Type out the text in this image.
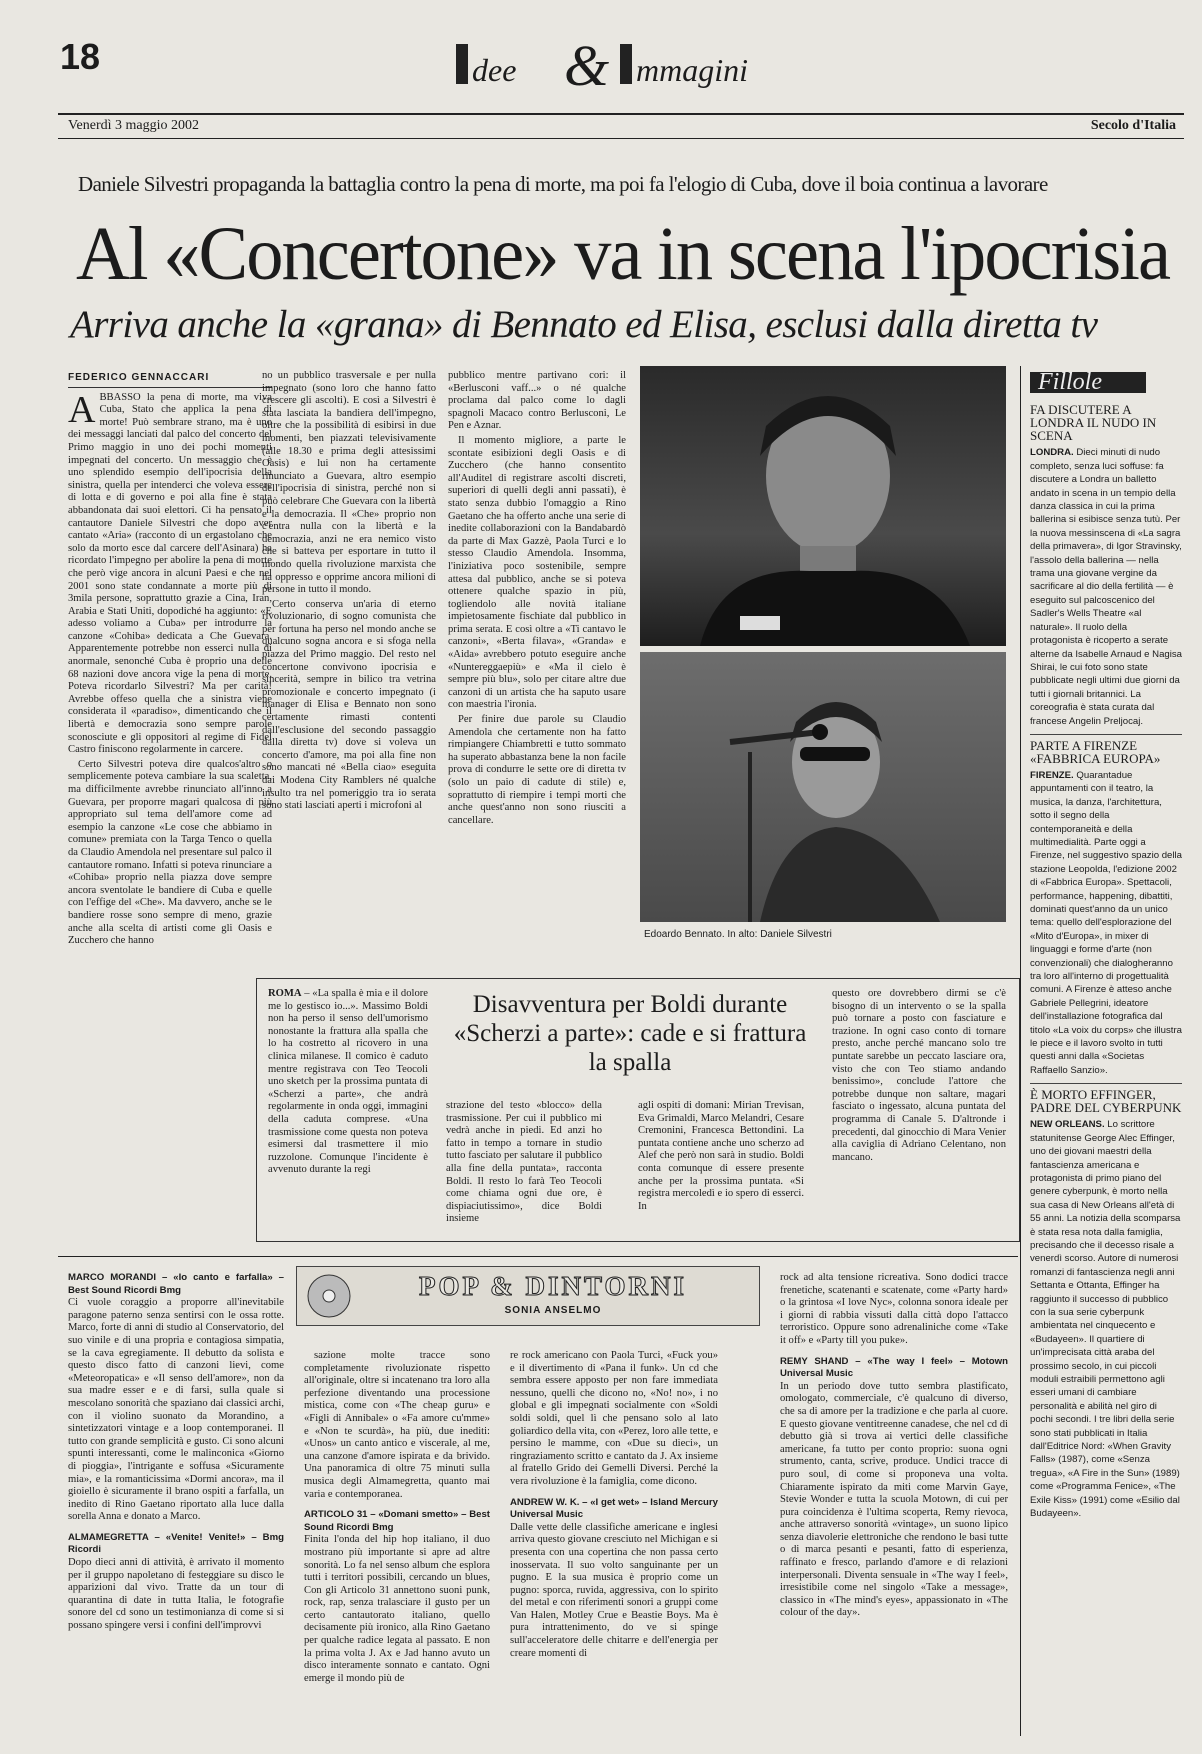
18	dee & mmagini
Venerdì 3 maggio 2002	Secolo d'Italia
Daniele Silvestri propaganda la battaglia contro la pena di morte, ma poi fa l'elogio di Cuba, dove il boia continua a lavorare
Al «Concertone» va in scena l'ipocrisia
Arriva anche la «grana» di Bennato ed Elisa, esclusi dalla diretta tv
FEDERICO GENNACCARI
A BBASSO la pena di morte, ma viva Cuba, Stato che applica la pena di morte! Può sembrare strano, ma è uno dei messaggi lanciati dal palco del concerto del Primo maggio in uno dei pochi momenti impegnati del concerto. Un messaggio che è uno splendido esempio dell'ipocrisia della sinistra, quella per intenderci che voleva essere di lotta e di governo e poi alla fine è stata abbandonata dai suoi elettori. Ci ha pensato il cantautore Daniele Silvestri che dopo aver cantato «Aria» (racconto di un ergastolano che solo da morto esce dal carcere dell'Asinara) ha ricordato l'impegno per abolire la pena di morte che però vige ancora in alcuni Paesi e che nel 2001 sono state condannate a morte più di 3mila persone, soprattutto grazie a Cina, Iran, Arabia e Stati Uniti, dopodiché ha aggiunto: «E adesso voliamo a Cuba» per introdurre la canzone «Cohiba» dedicata a Che Guevara. Apparentemente potrebbe non esserci nulla di anormale, senonché Cuba è proprio una delle 68 nazioni dove ancora vige la pena di morte. Poteva ricordarlo Silvestri? Ma per carità! Avrebbe offeso quella che a sinistra viene considerata il «paradiso», dimenticando che il libertà e democrazia sono sempre parole sconosciute e gli oppositori al regime di Fidel Castro finiscono regolarmente in carcere.

Certo Silvestri poteva dire qualcos'altro o semplicemente poteva cambiare la sua scaletta, ma difficilmente avrebbe rinunciato all'inno a Guevara, per proporre magari qualcosa di più appropriato sul tema dell'amore come ad esempio la canzone «Le cose che abbiamo in comune» premiata con la Targa Tenco o quella da Claudio Amendola nel presentare sul palco il cantautore romano. Infatti si poteva rinunciare a «Cohiba» proprio nella piazza dove sempre ancora sventolate le bandiere di Cuba e quelle con l'effige del «Che». Ma davvero, anche se le bandiere rosse sono sempre di meno, grazie anche alla scelta di artisti come gli Oasis e Zucchero che hanno

no un pubblico trasversale e per nulla impegnato (sono loro che hanno fatto crescere gli ascolti). E così a Silvestri è stata lasciata la bandiera dell'impegno, oltre che la possibilità di esibirsi in due momenti, ben piazzati televisivamente (alle 18.30 e prima degli attesissimi Oasis) e lui non ha certamente rinunciato a Guevara, altro esempio dell'ipocrisia di sinistra, perché non si può celebrare Che Guevara con la libertà e la democrazia. Il «Che» proprio non c'entra nulla con la libertà e la democrazia, anzi ne era nemico visto che si batteva per esportare in tutto il mondo quella rivoluzione marxista che ha oppresso e opprime ancora milioni di persone in tutto il mondo.

Certo conserva un'aria di eterno rivoluzionario, di sogno comunista che per fortuna ha perso nel mondo anche se qualcuno sogna ancora e si sfoga nella piazza del Primo maggio. Del resto nel concertone convivono ipocrisia e sincerità, sempre in bilico tra vetrina promozionale e concerto impegnato (i manager di Elisa e Bennato non sono certamente rimasti contenti dall'esclusione del secondo passaggio dalla diretta tv) dove si voleva un concerto d'amore, ma poi alla fine non sono mancati né «Bella ciao» eseguita dai Modena City Ramblers né qualche insulto tra nel pomeriggio tra io serata sono stati lasciati aperti i microfoni al

pubblico mentre partivano cori: il «Berlusconi vaff...» o né qualche proclama dal palco come lo dagli spagnoli Macaco contro Berlusconi, Le Pen e Aznar.

Il momento migliore, a parte le scontate esibizioni degli Oasis e di Zucchero (che hanno consentito all'Auditel di registrare ascolti discreti, superiori di quelli degli anni passati), è stato senza dubbio l'omaggio a Rino Gaetano che ha offerto anche una serie di inedite collaborazioni con la Bandabardò da parte di Max Gazzè, Paola Turci e lo stesso Claudio Amendola. Insomma, l'iniziativa poco sostenibile, sempre attesa dal pubblico, anche se si poteva ottenere qualche spazio in più, togliendolo alle novità italiane impietosamente fischiate dal pubblico in prima serata. E così oltre a «Ti cantavo le canzoni», «Berta filava», «Granda» e «Aida» avrebbero potuto eseguire anche «Nuntereggaepiù» e «Ma il cielo è sempre più blu», solo per citare altre due canzoni di un artista che ha saputo usare con maestria l'ironia.

Per finire due parole su Claudio Amendola che certamente non ha fatto rimpiangere Chiambretti e tutto sommato ha superato abbastanza bene la non facile prova di condurre le sette ore di diretta tv (solo un paio di cadute di stile) e, soprattutto di riempire i tempi morti che anche quest'anno non sono riusciti a cancellare.

Edoardo Bennato. In alto: Daniele Silvestri

ROMA – «La spalla è mia e il dolore me lo gestisco io...». Massimo Boldi non ha perso il senso dell'umorismo nonostante la frattura alla spalla che lo ha costretto al ricovero in una clinica milanese. Il comico è caduto mentre registrava con Teo Teocoli uno sketch per la prossima puntata di «Scherzi a parte», che andrà regolarmente in onda oggi, immagini della caduta comprese. «Una trasmissione come questa non poteva esimersi dal trasmettere il mio ruzzolone. Comunque l'incidente è avvenuto durante la regi

Disavventura per Boldi durante «Scherzi a parte»: cade e si frattura la spalla

strazione del testo «blocco» della trasmissione. Per cui il pubblico mi vedrà anche in piedi. Ed anzi ho fatto in tempo a tornare in studio tutto fasciato per salutare il pubblico alla fine della puntata», racconta Boldi. Il resto lo farà Teo Teocoli come chiama ogni due ore, è dispiaciutissimo», dice Boldi insieme

agli ospiti di domani: Mirian Trevisan, Eva Grimaldi, Marco Melandri, Cesare Cremonini, Francesca Bettondini. La puntata contiene anche uno scherzo ad Alef che però non sarà in studio. Boldi conta comunque di essere presente anche per la prossima puntata. «Si registra mercoledì e io spero di esserci. In

questo ore dovrebbero dirmi se c'è bisogno di un intervento o se la spalla può tornare a posto con fasciature e trazione. In ogni caso conto di tornare presto, anche perché mancano solo tre puntate sarebbe un peccato lasciare ora, visto che con Teo stiamo andando benissimo», conclude l'attore che potrebbe dunque non saltare, magari fasciato o ingessato, alcuna puntata del programma di Canale 5. D'altronde i precedenti, dal ginocchio di Mara Venier alla caviglia di Adriano Celentano, non mancano.

Fillole
FA DISCUTERE A LONDRA IL NUDO IN SCENA
LONDRA. Dieci minuti di nudo completo, senza luci soffuse: fa discutere a Londra un balletto andato in scena in un tempio della danza classica in cui la prima ballerina si esibisce senza tutù. Per la nuova messinscena di «La sagra della primavera», di Igor Stravinsky, l'assolo della ballerina — nella trama una giovane vergine da sacrificare al dio della fertilità — è eseguito sul palcoscenico del Sadler's Wells Theatre «al naturale». Il ruolo della protagonista è ricoperto a serate alterne da Isabelle Arnaud e Nagisa Shirai, le cui foto sono state pubblicate negli ultimi due giorni da tutti i giornali britannici. La coreografia è stata curata dal francese Angelin Preljocaj.
PARTE A FIRENZE «FABBRICA EUROPA»
FIRENZE. Quarantadue appuntamenti con il teatro, la musica, la danza, l'architettura, sotto il segno della contemporaneità e della multimedialità. Parte oggi a Firenze, nel suggestivo spazio della stazione Leopolda, l'edizione 2002 di «Fabbrica Europa». Spettacoli, performance, happening, dibattiti, dominati quest'anno da un unico tema: quello dell'esplorazione del «Mito d'Europa», in mixer di linguaggi e forme d'arte (non convenzionali) che dialogheranno tra loro all'interno di progettualità comuni. A Firenze è atteso anche Gabriele Pellegrini, ideatore dell'installazione fotografica dal titolo «La voix du corps» che illustra le piece e il lavoro svolto in tutti questi anni dalla «Societas Raffaello Sanzio».
È MORTO EFFINGER, PADRE DEL CYBERPUNK
NEW ORLEANS. Lo scrittore statunitense George Alec Effinger, uno dei giovani maestri della fantascienza americana e protagonista di primo piano del genere cyberpunk, è morto nella sua casa di New Orleans all'età di 55 anni. La notizia della scomparsa è stata resa nota dalla famiglia, precisando che il decesso risale a venerdì scorso. Autore di numerosi romanzi di fantascienza negli anni Settanta e Ottanta, Effinger ha raggiunto il successo di pubblico con la sua serie cyberpunk ambientata nel cinquecento e «Budayeen». Il quartiere di un'imprecisata città araba del prossimo secolo, in cui piccoli moduli estraibili permettono agli esseri umani di cambiare personalità e abilità nel giro di pochi secondi. I tre libri della serie sono stati pubblicati in Italia dall'Editrice Nord: «When Gravity Falls» (1987), come «Senza tregua», «A Fire in the Sun» (1989) come «Programma Fenice», «The Exile Kiss» (1991) come «Esilio dal Budayeen».
POP & DINTORNI
SONIA ANSELMO

MARCO MORANDI – «Io canto e farfalla» – Best Sound Ricordi Bmg
Ci vuole coraggio a proporre all'inevitabile paragone paterno senza sentirsi con le ossa rotte. Marco, forte di anni di studio al Conservatorio, del suo vinile e di una propria e contagiosa simpatia, se la cava egregiamente. Il debutto da solista e questo disco fatto di canzoni lievi, come «Meteoropatica» e «Il senso dell'amore», non da sua madre esser e e di farsi, sulla quale si mescolano sonorità che spaziano dai classici archi, con il violino suonato da Morandino, a sintetizzatori vintage e a loop contemporanei. Il tutto con grande semplicità e gusto. Ci sono alcuni spunti interessanti, come le malinconica «Giorno di pioggia», l'intrigante e soffusa «Sicuramente mia», e la romanticissima «Dormi ancora», ma il gioiello è sicuramente il brano ospiti a farfalla, un inedito di Rino Gaetano riportato alla luce dalla sorella Anna e donato a Marco.

ALMAMEGRETTA – «Venite! Venite!» – Bmg Ricordi
Dopo dieci anni di attività, è arrivato il momento per il gruppo napoletano di festeggiare su disco le apparizioni dal vivo. Tratte da un tour di quarantina di date in tutta Italia, le fotografie sonore del cd sono un testimonianza di come si si possano spingere versi i confini dell'improvvi

sazione molte tracce sono completamente rivoluzionate rispetto all'originale, oltre si incatenano tra loro alla perfezione diventando una processione mistica, come con «The cheap guru» e «Figli di Annibale» o «Fa amore cu'mme» e «Non te scurdà», ha più, due inediti: «Unos» un canto antico e viscerale, al me, una canzone d'amore ispirata e da brivido. Una panoramica di oltre 75 minuti sulla musica degli Almamegretta, quanto mai varia e contemporanea.

ARTICOLO 31 – «Domani smetto» – Best Sound Ricordi Bmg
Finita l'onda del hip hop italiano, il duo mostrano più importante si apre ad altre sonorità. Lo fa nel senso album che esplora tutti i territori possibili, cercando un blues, Con gli Articolo 31 annettono suoni punk, rock, rap, senza tralasciare il gusto per un certo cantautorato italiano, quello decisamente più ironico, alla Rino Gaetano per qualche radice legata al passato. E non la prima volta J. Ax e Jad hanno avuto un disco interamente sonnato e cantato. Ogni emerge il mondo più de

re rock americano con Paola Turci, «Fuck you» e il divertimento di «Pana il funk». Un cd che sembra essere apposto per non fare immediata nessuno, quelli che dicono no, «No! no», i no global e gli impegnati socialmente con «Soldi soldi soldi, quel lì che pensano solo al lato goliardico della vita, con «Perez, loro alle tette, e persino le mamme, con «Due su dieci», un ringraziamento scritto e cantato da J. Ax insieme al fratello Grido dei Gemelli Diversi. Perché la vera rivoluzione è la famiglia, come dicono.

ANDREW W. K. – «I get wet» – Island Mercury Universal Music
Dalle vette delle classifiche americane e inglesi arriva questo giovane cresciuto nel Michigan e si presenta con una copertina che non passa certo inosservata. Il suo volto sanguinante per un pugno. E la sua musica è proprio come un pugno: sporca, ruvida, aggressiva, con lo spirito del metal e con riferimenti sonori a gruppi come Van Halen, Motley Crue e Beastie Boys. Ma è pura intrattenimento, do ve si spinge sull'acceleratore delle chitarre e dell'energia per creare momenti di

rock ad alta tensione ricreativa. Sono dodici tracce frenetiche, scatenanti e scatenate, come «Party hard» o la grintosa «I love Nyc», colonna sonora ideale per i giorni di rabbia vissuti dalla città dopo l'attacco terroristico. Oppure sono adrenaliniche come «Take it off» e «Party till you puke».

REMY SHAND – «The way I feel» – Motown Universal Music
In un periodo dove tutto sembra plastificato, omologato, commerciale, c'è qualcuno di diverso, che sa di amore per la tradizione e che parla al cuore. E questo giovane ventitreenne canadese, che nel cd di debutto già si trova ai vertici delle classifiche americane, fa tutto per conto proprio: suona ogni strumento, canta, scrive, produce. Undici tracce di puro soul, di come si proponeva una volta. Chiaramente ispirato da miti come Marvin Gaye, Stevie Wonder e tutta la scuola Motown, di cui per pura coincidenza è l'ultima scoperta, Remy rievoca, anche attraverso sonorità «vintage», un suono lipico senza diavolerie elettroniche che rendono le basi tutte o di marca pesanti e pesanti, fatto di esperienza, raffinato e fresco, parlando d'amore e di relazioni interpersonali. Diventa sensuale in «The way I feel», irresistibile come nel singolo «Take a message», classico in «The mind's eyes», appassionato in «The colour of the day».
